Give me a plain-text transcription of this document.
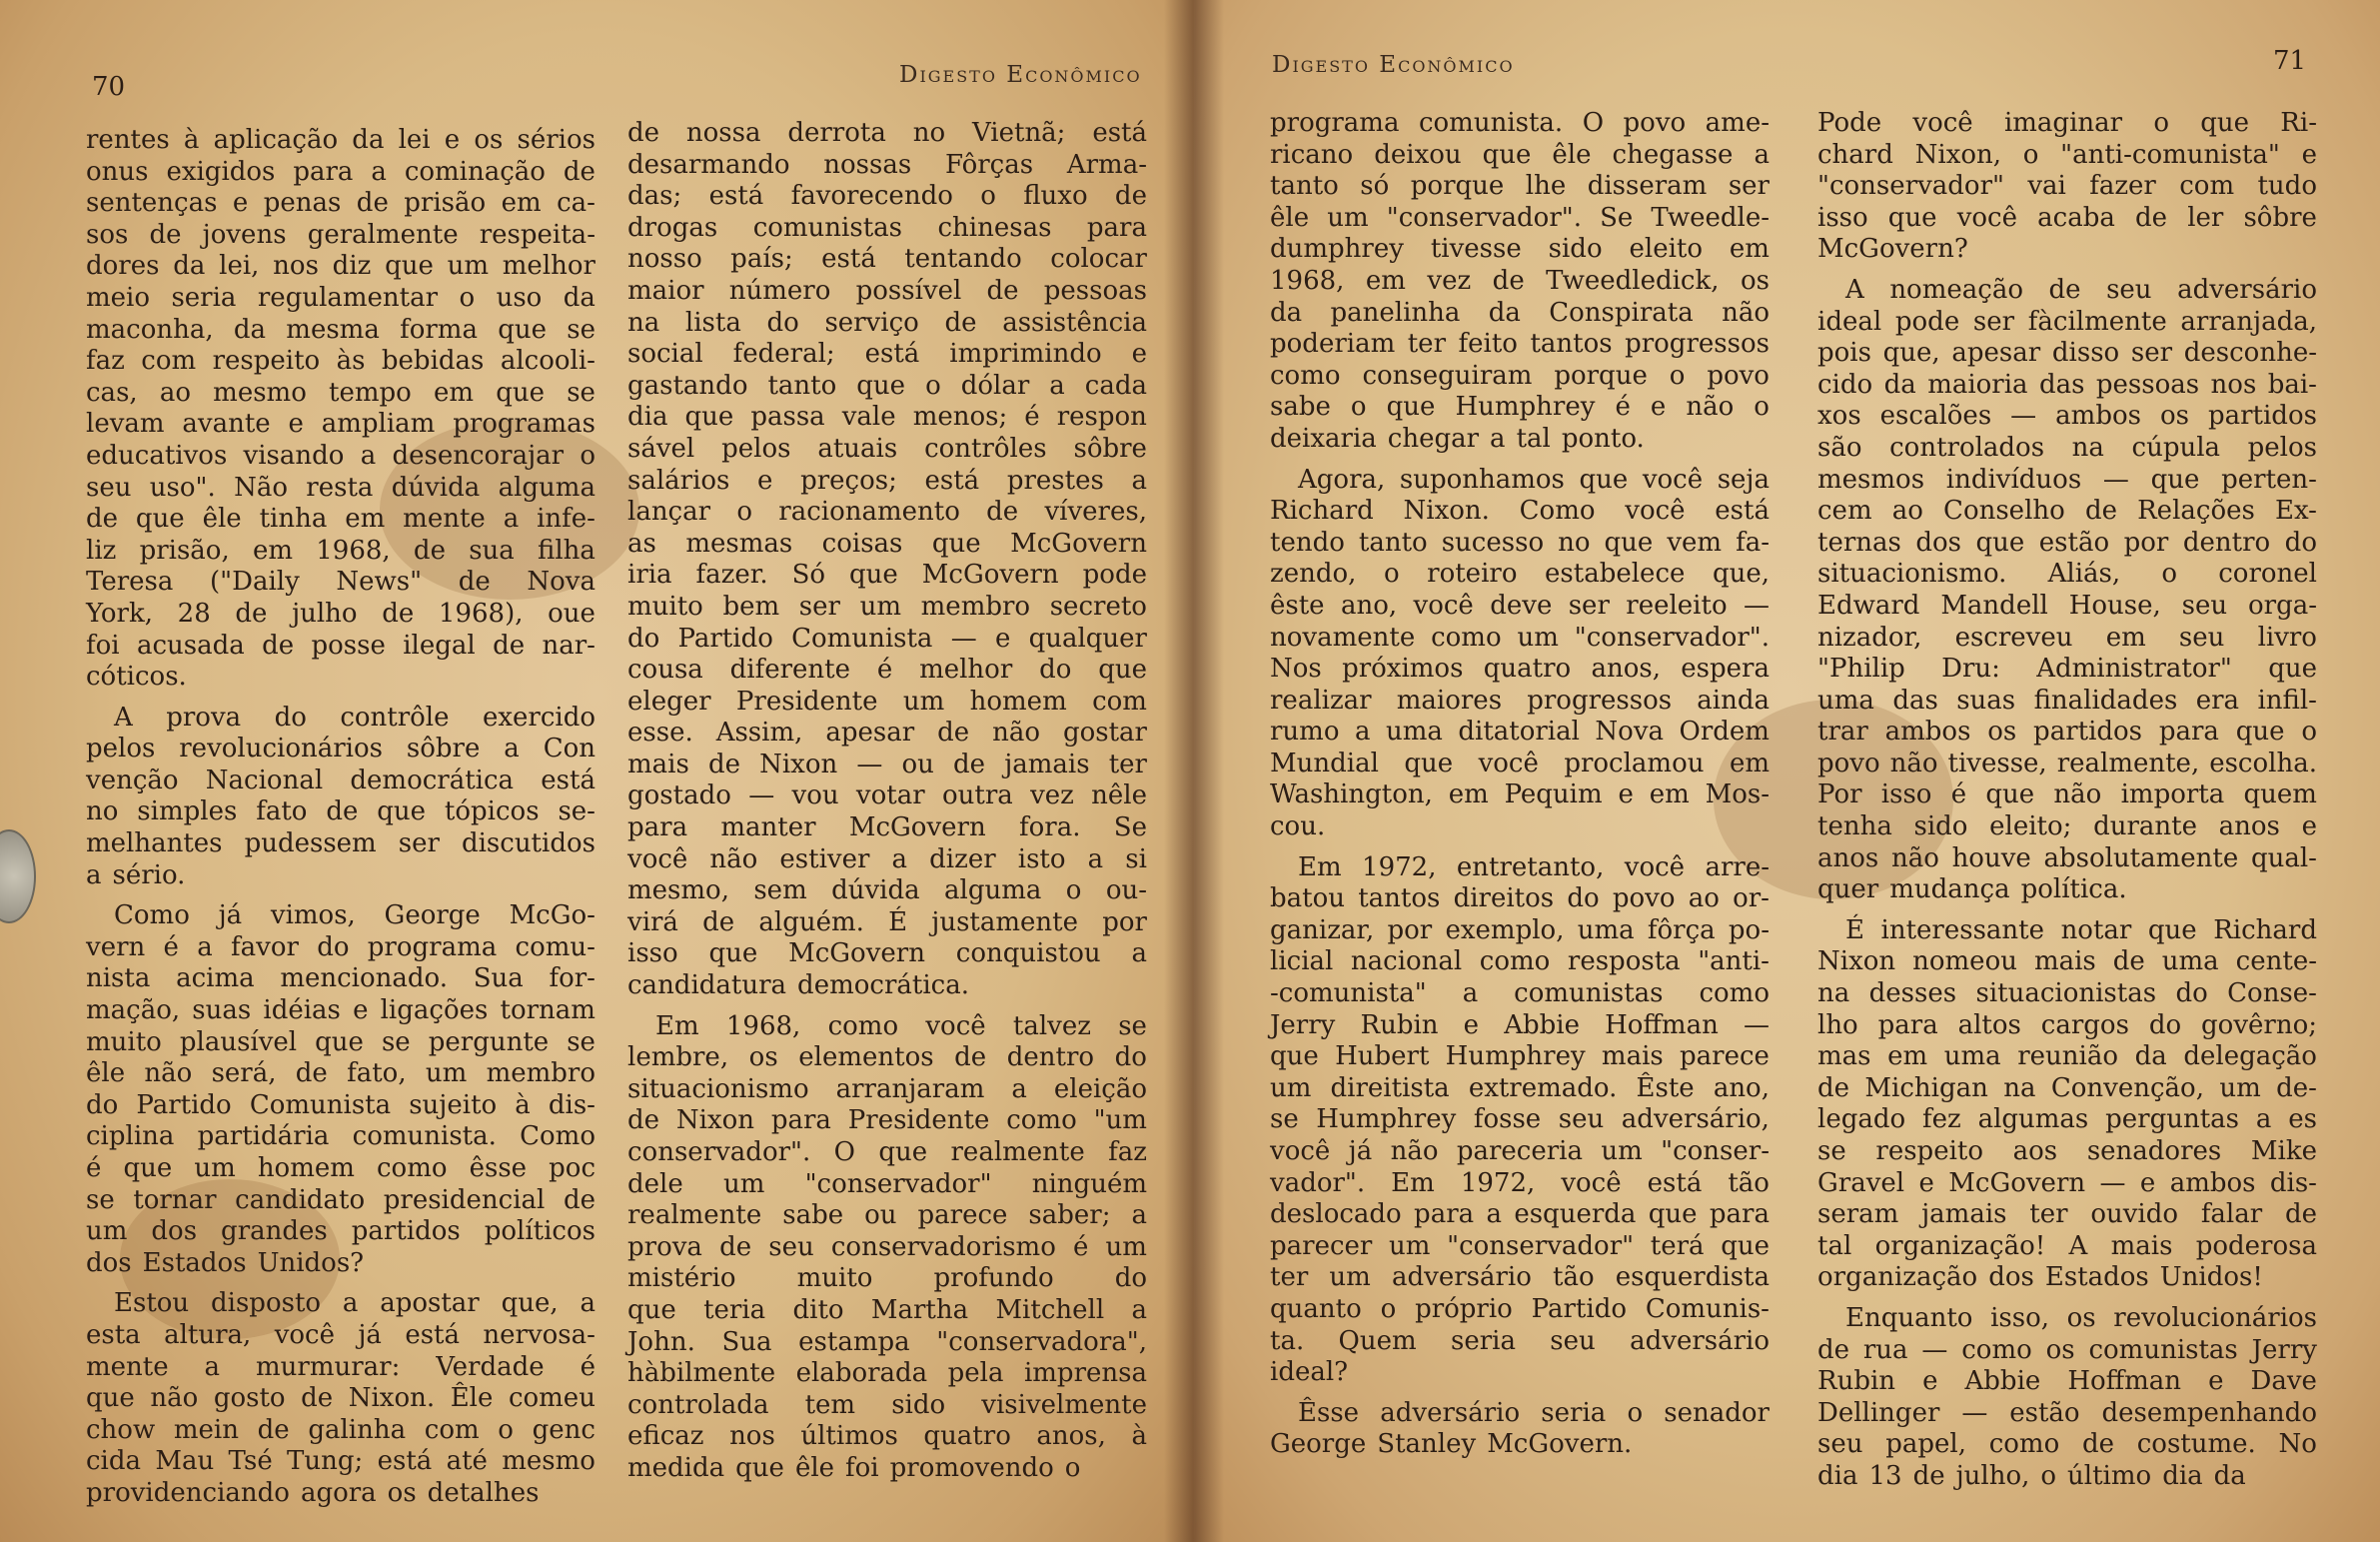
70	Digesto Econômico
rentes à aplicação da lei e os sérios
onus exigidos para a cominação de
sentenças e penas de prisão em ca-
sos de jovens geralmente respeita-
dores da lei, nos diz que um melhor
meio seria regulamentar o uso da
maconha, da mesma forma que se
faz com respeito às bebidas alcooli-
cas, ao mesmo tempo em que se
levam avante e ampliam programas
educativos visando a desencorajar o
seu uso". Não resta dúvida alguma
de que êle tinha em mente a infe-
liz prisão, em 1968, de sua filha
Teresa ("Daily News" de Nova
York, 28 de julho de 1968), oue
foi acusada de posse ilegal de nar-
cóticos.
A prova do contrôle exercido
pelos revolucionários sôbre a Con
venção Nacional democrática está
no simples fato de que tópicos se-
melhantes pudessem ser discutidos
a sério.
Como já vimos, George McGo-
vern é a favor do programa comu-
nista acima mencionado. Sua for-
mação, suas idéias e ligações tornam
muito plausível que se pergunte se
êle não será, de fato, um membro
do Partido Comunista sujeito à dis-
ciplina partidária comunista. Como
é que um homem como êsse poc
se tornar candidato presidencial de
um dos grandes partidos políticos
dos Estados Unidos?
Estou disposto a apostar que, a
esta altura, você já está nervosa-
mente a murmurar: Verdade é
que não gosto de Nixon. Êle comeu
chow mein de galinha com o genc
cida Mau Tsé Tung; está até mesmo
providenciando agora os detalhes
de nossa derrota no Vietnã; está
desarmando nossas Fôrças Arma-
das; está favorecendo o fluxo de
drogas comunistas chinesas para
nosso país; está tentando colocar
maior número possível de pessoas
na lista do serviço de assistência
social federal; está imprimindo e
gastando tanto que o dólar a cada
dia que passa vale menos; é respon
sável pelos atuais contrôles sôbre
salários e preços; está prestes a
lançar o racionamento de víveres,
as mesmas coisas que McGovern
iria fazer. Só que McGovern pode
muito bem ser um membro secreto
do Partido Comunista — e qualquer
cousa diferente é melhor do que
eleger Presidente um homem com
esse. Assim, apesar de não gostar
mais de Nixon — ou de jamais ter
gostado — vou votar outra vez nêle
para manter McGovern fora. Se
você não estiver a dizer isto a si
mesmo, sem dúvida alguma o ou-
virá de alguém. É justamente por
isso que McGovern conquistou a
candidatura democrática.
Em 1968, como você talvez se
lembre, os elementos de dentro do
situacionismo arranjaram a eleição
de Nixon para Presidente como "um
conservador". O que realmente faz
dele um "conservador" ninguém
realmente sabe ou parece saber; a
prova de seu conservadorismo é um
mistério muito profundo do
que teria dito Martha Mitchell a
John. Sua estampa "conservadora",
hàbilmente elaborada pela imprensa
controlada tem sido visivelmente
eficaz nos últimos quatro anos, à
medida que êle foi promovendo o
71
Digesto Econômico
programa comunista. O povo ame-
ricano deixou que êle chegasse a
tanto só porque lhe disseram ser
êle um "conservador". Se Tweedle-
dumphrey tivesse sido eleito em
1968, em vez de Tweedledick, os
da panelinha da Conspirata não
poderiam ter feito tantos progressos
como conseguiram porque o povo
sabe o que Humphrey é e não o
deixaria chegar a tal ponto.
Agora, suponhamos que você seja
Richard Nixon. Como você está
tendo tanto sucesso no que vem fa-
zendo, o roteiro estabelece que,
êste ano, você deve ser reeleito —
novamente como um "conservador".
Nos próximos quatro anos, espera
realizar maiores progressos ainda
rumo a uma ditatorial Nova Ordem
Mundial que você proclamou em
Washington, em Pequim e em Mos-
cou.
Em 1972, entretanto, você arre-
batou tantos direitos do povo ao or-
ganizar, por exemplo, uma fôrça po-
licial nacional como resposta "anti-
-comunista" a comunistas como
Jerry Rubin e Abbie Hoffman —
que Hubert Humphrey mais parece
um direitista extremado. Êste ano,
se Humphrey fosse seu adversário,
você já não pareceria um "conser-
vador". Em 1972, você está tão
deslocado para a esquerda que para
parecer um "conservador" terá que
ter um adversário tão esquerdista
quanto o próprio Partido Comunis-
ta. Quem seria seu adversário
ideal?
Êsse adversário seria o senador
George Stanley McGovern.
Pode você imaginar o que Ri-
chard Nixon, o "anti-comunista" e
"conservador" vai fazer com tudo
isso que você acaba de ler sôbre
McGovern?
A nomeação de seu adversário
ideal pode ser fàcilmente arranjada,
pois que, apesar disso ser desconhe-
cido da maioria das pessoas nos bai-
xos escalões — ambos os partidos
são controlados na cúpula pelos
mesmos indivíduos — que perten-
cem ao Conselho de Relações Ex-
ternas dos que estão por dentro do
situacionismo. Aliás, o coronel
Edward Mandell House, seu orga-
nizador, escreveu em seu livro
"Philip Dru: Administrator" que
uma das suas finalidades era infil-
trar ambos os partidos para que o
povo não tivesse, realmente, escolha.
Por isso é que não importa quem
tenha sido eleito; durante anos e
anos não houve absolutamente qual-
quer mudança política.
É interessante notar que Richard
Nixon nomeou mais de uma cente-
na desses situacionistas do Conse-
lho para altos cargos do govêrno;
mas em uma reunião da delegação
de Michigan na Convenção, um de-
legado fez algumas perguntas a es
se respeito aos senadores Mike
Gravel e McGovern — e ambos dis-
seram jamais ter ouvido falar de
tal organização! A mais poderosa
organização dos Estados Unidos!
Enquanto isso, os revolucionários
de rua — como os comunistas Jerry
Rubin e Abbie Hoffman e Dave
Dellinger — estão desempenhando
seu papel, como de costume. No
dia 13 de julho, o último dia da
